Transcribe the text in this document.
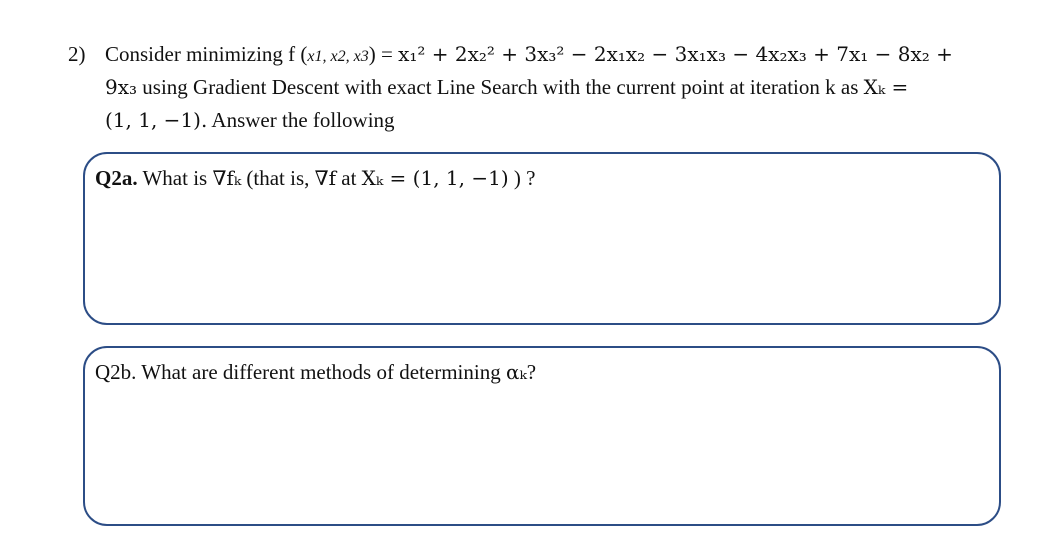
2) Consider minimizing f (x1, x2, x3) = x₁² + 2x₂² + 3x₃² − 2x₁x₂ − 3x₁x₃ − 4x₂x₃ + 7x₁ − 8x₂ +
9x₃ using Gradient Descent with exact Line Search with the current point at iteration k as Xₖ =
(1, 1, −1). Answer the following
Q2a. What is ∇fₖ (that is, ∇f at Xₖ = (1, 1, −1) ) ?
Q2b. What are different methods of determining αₖ?
